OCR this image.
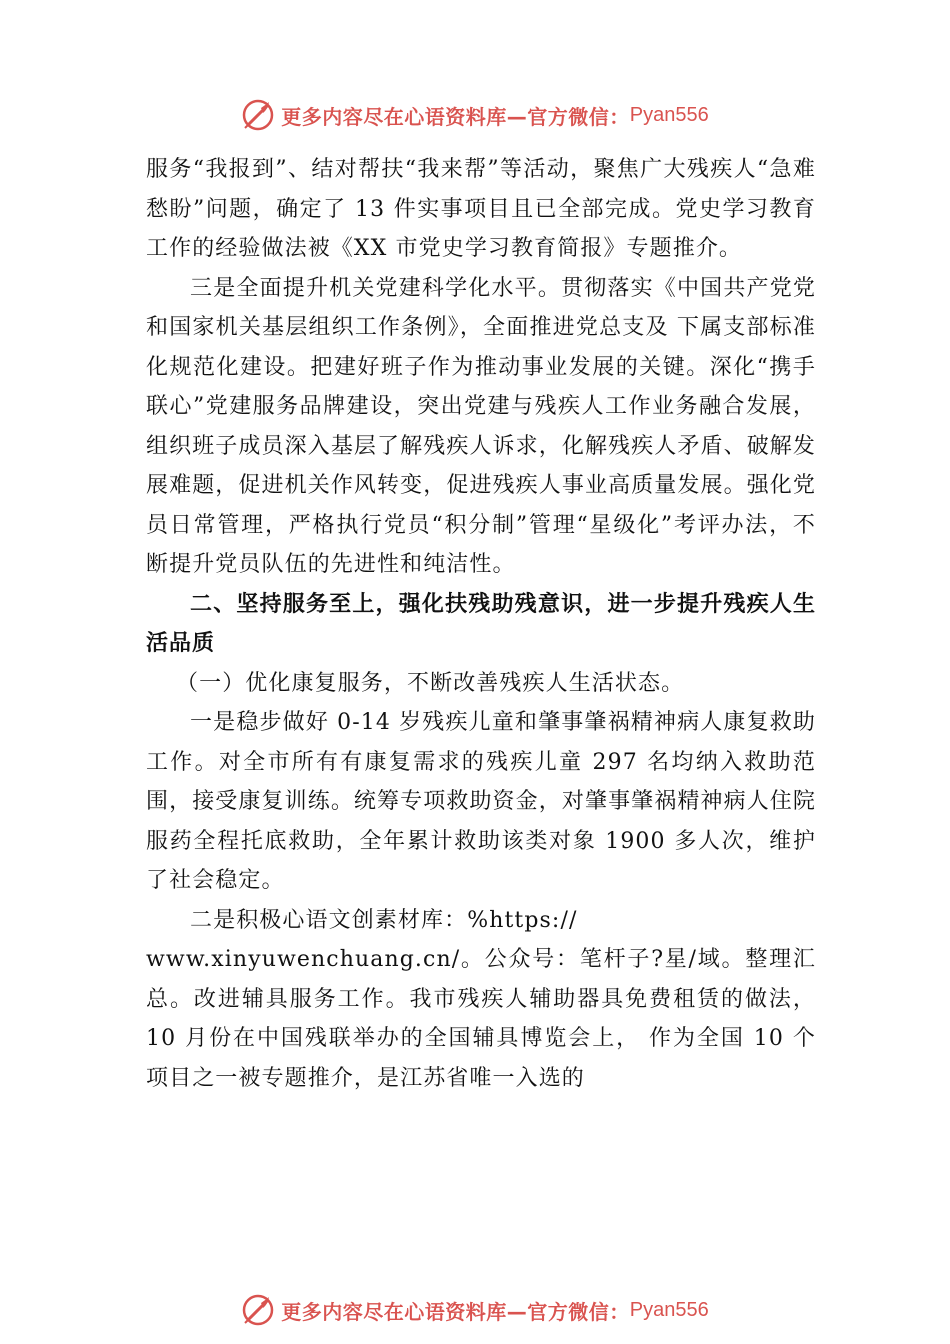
更多内容尽在心语资料库—官方微信： Pyan556

服务“我报到”、结对帮扶“我来帮”等活动，聚焦广大残疾人“急难愁盼”问题，确定了 13 件实事项目且已全部完成。党史学习教育工作的经验做法被《XX 市党史学习教育简报》专题推介。

三是全面提升机关党建科学化水平。贯彻落实《中国共产党党和国家机关基层组织工作条例》，全面推进党总支及 下属支部标准化规范化建设。把建好班子作为推动事业发展的关键。深化“携手联心”党建服务品牌建设，突出党建与残疾人工作业务融合发展，组织班子成员深入基层了解残疾人诉求，化解残疾人矛盾、破解发展难题，促进机关作风转变，促进残疾人事业高质量发展。强化党员日常管理，严格执行党员“积分制”管理“星级化”考评办法，不断提升党员队伍的先进性和纯洁性。

二、坚持服务至上，强化扶残助残意识，进一步提升残疾人生活品质

（一）优化康复服务，不断改善残疾人生活状态。

一是稳步做好 0-14 岁残疾儿童和肇事肇祸精神病人康复救助工作。对全市所有有康复需求的残疾儿童 297 名均纳入救助范围，接受康复训练。统筹专项救助资金，对肇事肇祸精神病人住院服药全程托底救助，全年累计救助该类对象 1900 多人次，维护了社会稳定。

二是积极心语文创素材库：%https://

www.xinyuwenchuang.cn/。公众号：笔杆子?星/域。整理汇总。改进辅具服务工作。我市残疾人辅助器具免费租赁的做法，10 月份在中国残联举办的全国辅具博览会上， 作为全国 10 个项目之一被专题推介，是江苏省唯一入选的

更多内容尽在心语资料库—官方微信： Pyan556
